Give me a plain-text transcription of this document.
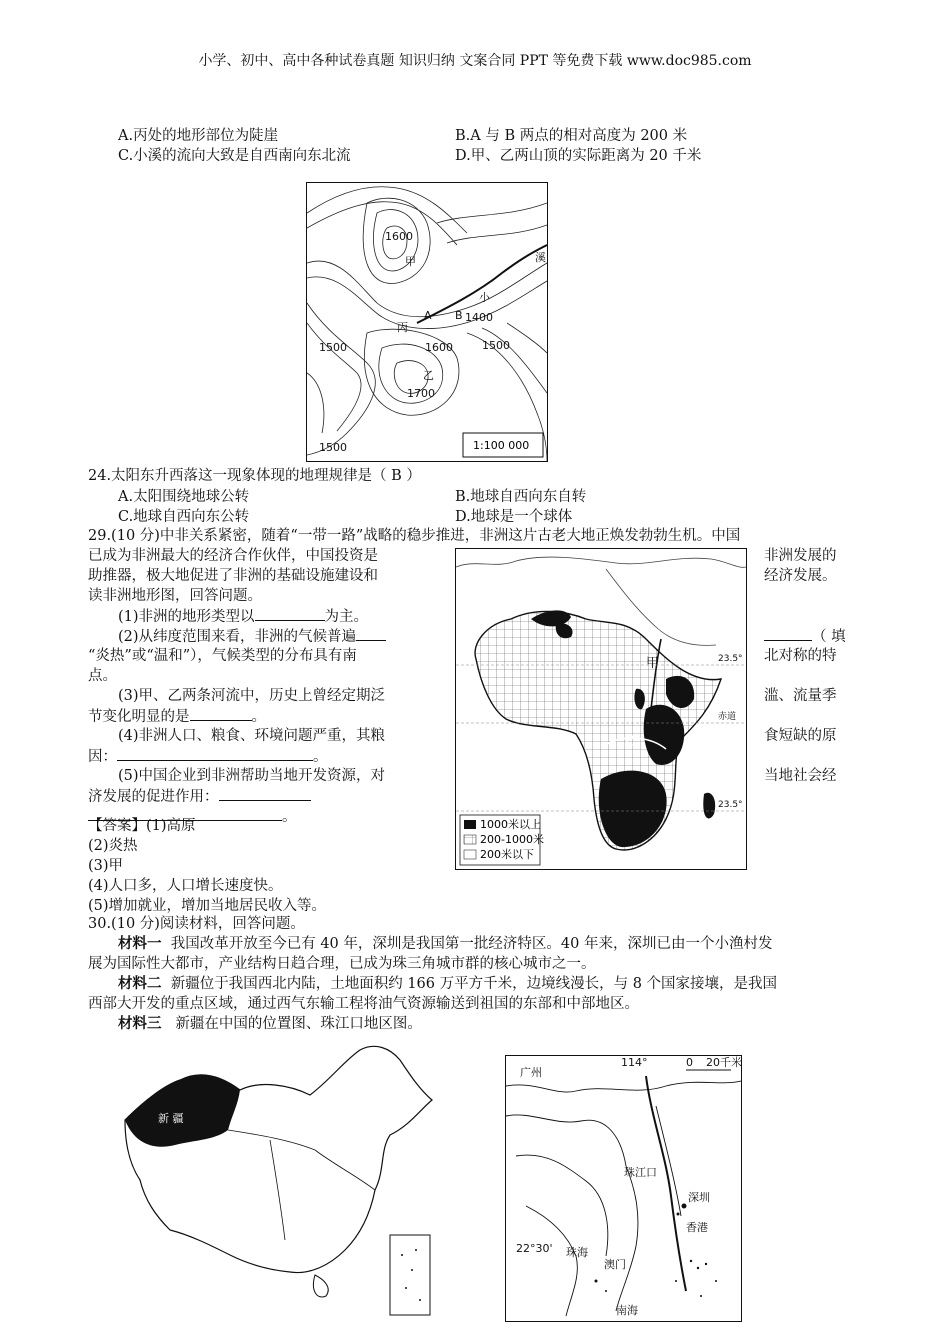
小学、初中、高中各种试卷真题 知识归纳 文案合同 PPT 等免费下载 www.doc985.com
A.丙处的地形部位为陡崖	B.A 与 B 两点的相对高度为 200 米
C.小溪的流向大致是自西南向东北流	D.甲、乙两山顶的实际距离为 20 千米
1600
甲
A B 1400
丙
1500	1600	1500
乙
1700
1500
小
溪
1:100 000
24.太阳东升西落这一现象体现的地理规律是（ B ）
A.太阳围绕地球公转	B.地球自西向东自转
C.地球自西向东公转	D.地球是一个球体
29.(10 分)中非关系紧密，随着“一带一路”战略的稳步推进，非洲这片古老大地正焕发勃勃生机。中国
已成为非洲最大的经济合作伙伴，中国投资是	非洲发展的
助推器，极大地促进了非洲的基础设施建设和	经济发展。
读非洲地形图，回答问题。
(1)非洲的地形类型以	为主。
(2)从纬度范围来看，非洲的气候普遍	（ 填
“炎热”或“温和”），气候类型的分布具有南	北对称的特
点。
(3)甲、乙两条河流中，历史上曾经定期泛	滥、流量季
节变化明显的是	。
(4)非洲人口、粮食、环境问题严重，其粮	食短缺的原
因：	。
(5)中国企业到非洲帮助当地开发资源，对	当地社会经
济发展的促进作用：
。
甲
乙
23.5°
赤道
23.5°
1000米以上
200-1000米
200米以下
【答案】(1)高原
(2)炎热
(3)甲
(4)人口多，人口增长速度快。
(5)增加就业，增加当地居民收入等。
30.(10 分)阅读材料，回答问题。
材料一 我国改革开放至今已有 40 年，深圳是我国第一批经济特区。40 年来，深圳已由一个小渔村发
展为国际性大都市，产业结构日趋合理，已成为珠三角城市群的核心城市之一。
材料二 新疆位于我国西北内陆，土地面积约 166 万平方千米，边境线漫长，与 8 个国家接壤，是我国
西部大开发的重点区域，通过西气东输工程将油气资源输送到祖国的东部和中部地区。
材料三 新疆在中国的位置图、珠江口地区图。
新 疆
广州
114°	0 20千米
珠江口
深圳
香港
澳门
22°30' 珠海
南海
